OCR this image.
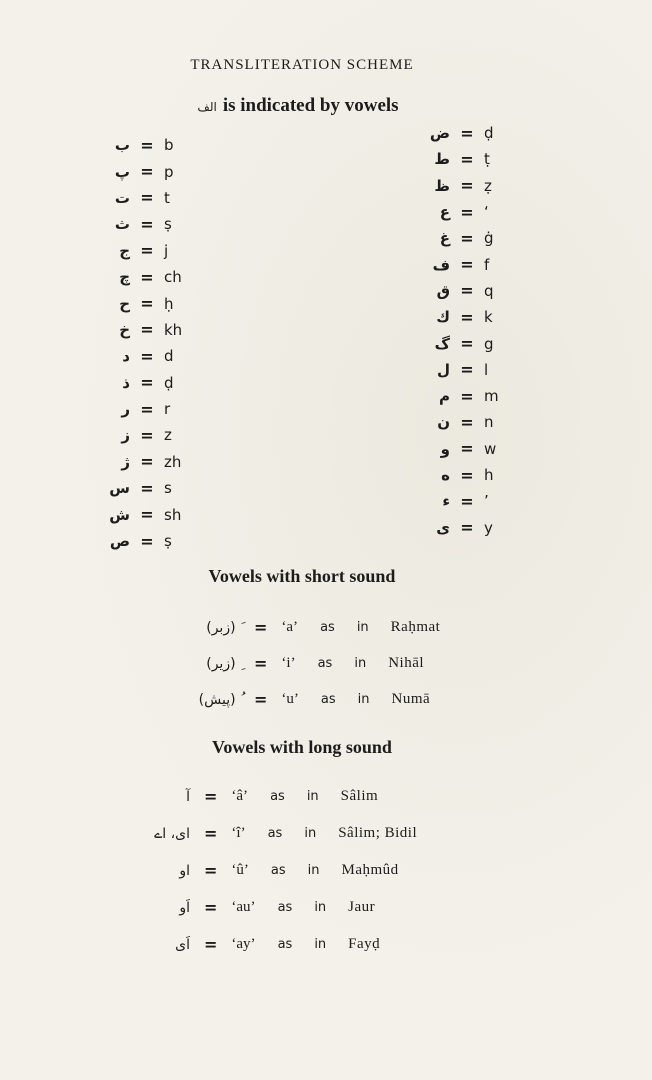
TRANSLITERATION SCHEME
الف is indicated by vowels
ب = b
پ = p
ت = t
ث = ṣ
ج = j
چ = ch
ح = ḥ
خ = kh
د = d
ذ = ḍ
ر = r
ز = z
ژ = zh
س = s
ش = sh
ص = ṣ
ض = ḍ
ط = ṭ
ظ = ẓ
ع = ‘
غ = ġ
ف = f
ق = q
ك = k
گ = g
ل = l
م = m
ن = n
و = w
ه = h
ء = ’
ی = y
Vowels with short sound
َ (زبر) = ‘a’ as in Raḥmat
ِ (زیر) = ‘i’ as in Nihāl
ُ (پیش) = ‘u’ as in Numā
Vowels with long sound
آ = ‘â’ as in Sâlim
ای، اے = ‘î’ as in Sâlim; Bidil
او = ‘û’ as in Maḥmûd
اَو = ‘au’ as in Jaur
اَی = ‘ay’ as in Fayḍ
